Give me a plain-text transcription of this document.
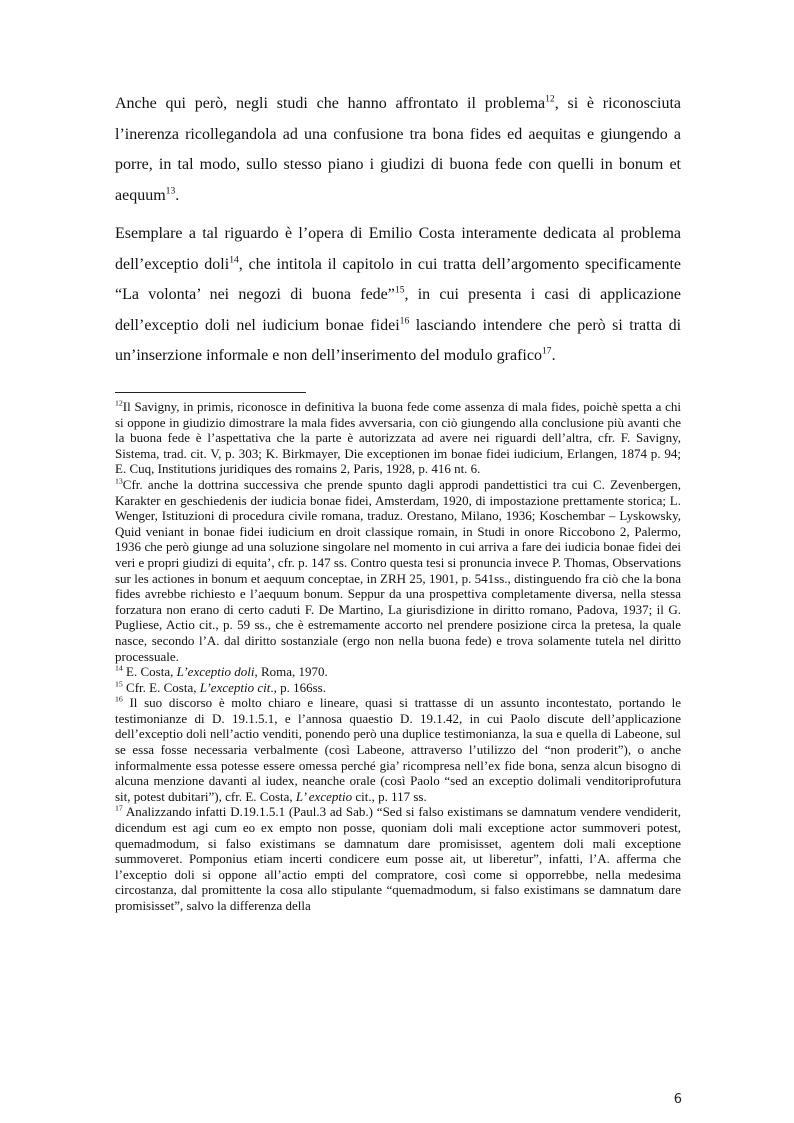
Anche qui però, negli studi che hanno affrontato il problema$^{12}$, si è riconosciuta l’inerenza ricollegandola ad una confusione tra bona fides ed aequitas e giungendo a porre, in tal modo, sullo stesso piano i giudizi di buona fede con quelli in bonum et aequum$^{13}$.

Esemplare a tal riguardo è l’opera di Emilio Costa interamente dedicata al problema dell’exceptio doli$^{14}$, che intitola il capitolo in cui tratta dell’argomento specificamente “La volonta’ nei negozi di buona fede”$^{15}$, in cui presenta i casi di applicazione dell’exceptio doli nel iudicium bonae fidei$^{16}$ lasciando intendere che però si tratta di un’inserzione informale e non dell’inserimento del modulo grafico$^{17}$.

$^{12}$Il Savigny, in primis, riconosce in definitiva la buona fede come assenza di mala fides, poichè spetta a chi si oppone in giudizio dimostrare la mala fides avversaria, con ciò giungendo alla conclusione più avanti che la buona fede è l’aspettativa che la parte è autorizzata ad avere nei riguardi dell’altra, cfr. F. Savigny, Sistema, trad. cit. V, p. 303; K. Birkmayer, Die exceptionen im bonae fidei iudicium, Erlangen, 1874 p. 94; E. Cuq, Institutions juridiques des romains 2, Paris, 1928, p. 416 nt. 6.

$^{13}$Cfr. anche la dottrina successiva che prende spunto dagli approdi pandettistici tra cui C. Zevenbergen, Karakter en geschiedenis der iudicia bonae fidei, Amsterdam, 1920, di impostazione prettamente storica; L. Wenger, Istituzioni di procedura civile romana, traduz. Orestano, Milano, 1936; Koschembar – Lyskowsky, Quid veniant in bonae fidei iudicium en droit classique romain, in Studi in onore Riccobono 2, Palermo, 1936 che però giunge ad una soluzione singolare nel momento in cui arriva a fare dei iudicia bonae fidei dei veri e propri giudizi di equita’, cfr. p. 147 ss. Contro questa tesi si pronuncia invece P. Thomas, Observations sur les actiones in bonum et aequum conceptae, in ZRH 25, 1901, p. 541ss., distinguendo fra ciò che la bona fides avrebbe richiesto e l’aequum bonum. Seppur da una prospettiva completamente diversa, nella stessa forzatura non erano di certo caduti F. De Martino, La giurisdizione in diritto romano, Padova, 1937; il G. Pugliese, Actio cit., p. 59 ss., che è estremamente accorto nel prendere posizione circa la pretesa, la quale nasce, secondo l’A. dal diritto sostanziale (ergo non nella buona fede) e trova solamente tutela nel diritto processuale.

$^{14}$ E. Costa, L’exceptio doli, Roma, 1970.

$^{15}$ Cfr. E. Costa, L’exceptio cit., p. 166ss.

$^{16}$ Il suo discorso è molto chiaro e lineare, quasi si trattasse di un assunto incontestato, portando le testimonianze di D. 19.1.5.1, e l’annosa quaestio D. 19.1.42, in cui Paolo discute dell’applicazione dell’exceptio doli nell’actio venditi, ponendo però una duplice testimonianza, la sua e quella di Labeone, sul se essa fosse necessaria verbalmente (così Labeone, attraverso l’utilizzo del “non proderit”), o anche informalmente essa potesse essere omessa perché gia’ ricompresa nell’ex fide bona, senza alcun bisogno di alcuna menzione davanti al iudex, neanche orale (così Paolo “sed an exceptio dolimali venditoriprofutura sit, potest dubitari”), cfr. E. Costa, L’ exceptio cit., p. 117 ss.

$^{17}$ Analizzando infatti D.19.1.5.1 (Paul.3 ad Sab.) “Sed si falso existimans se damnatum vendere vendiderit, dicendum est agi cum eo ex empto non posse, quoniam doli mali exceptione actor summoveri potest, quemadmodum, si falso existimans se damnatum dare promisisset, agentem doli mali exceptione summoveret. Pomponius etiam incerti condicere eum posse ait, ut liberetur”, infatti, l’A. afferma che l’exceptio doli si oppone all’actio empti del compratore, così come si opporrebbe, nella medesima circostanza, dal promittente la cosa allo stipulante “quemadmodum, si falso existimans se damnatum dare promisisset”, salvo la differenza della

6
